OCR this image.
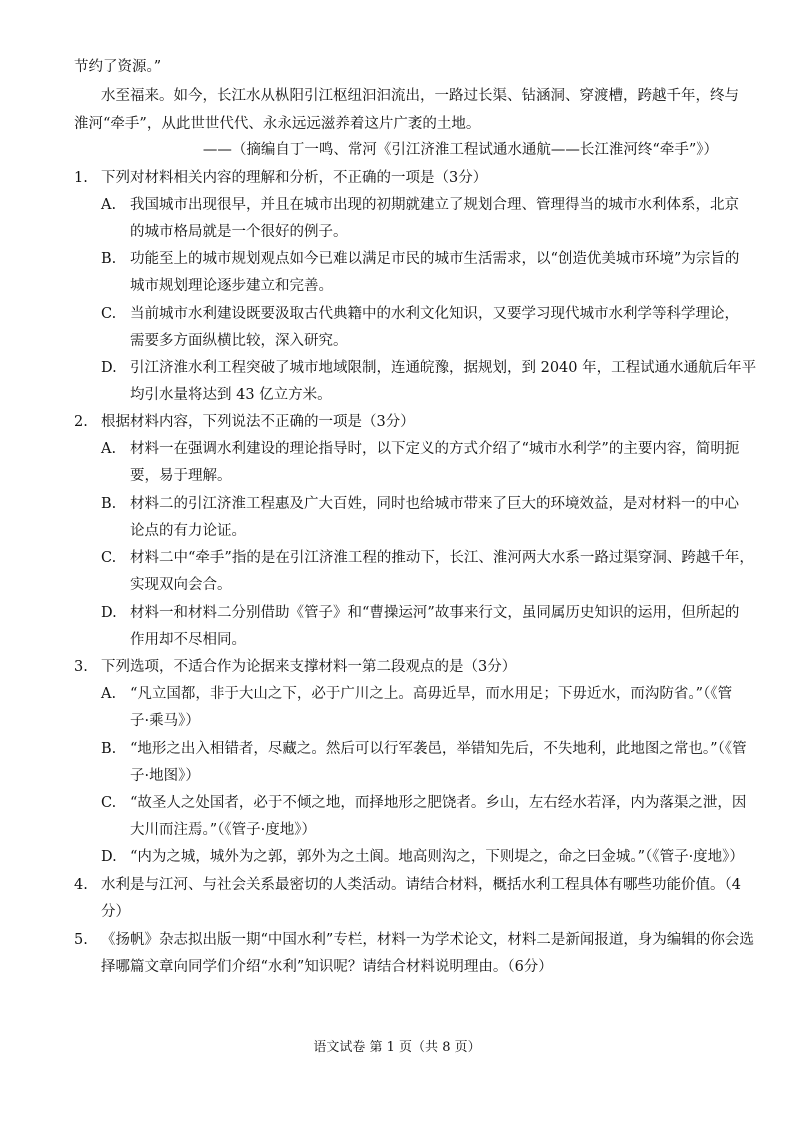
节约了资源。”
水至福来。如今，长江水从枞阳引江枢纽汩汩流出，一路过长渠、钻涵洞、穿渡槽，跨越千年，终与
淮河“牵手”，从此世世代代、永永远远滋养着这片广袤的土地。
——（摘编自丁一鸣、常河《引江济淮工程试通水通航——长江淮河终“牵手”》）
1. 下列对材料相关内容的理解和分析，不正确的一项是（3分）
A. 我国城市出现很早，并且在城市出现的初期就建立了规划合理、管理得当的城市水利体系，北京
的城市格局就是一个很好的例子。
B. 功能至上的城市规划观点如今已难以满足市民的城市生活需求，以“创造优美城市环境”为宗旨的
城市规划理论逐步建立和完善。
C. 当前城市水利建设既要汲取古代典籍中的水利文化知识，又要学习现代城市水利学等科学理论，
需要多方面纵横比较，深入研究。
D. 引江济淮水利工程突破了城市地域限制，连通皖豫，据规划，到 2040 年，工程试通水通航后年平
均引水量将达到 43 亿立方米。
2. 根据材料内容，下列说法不正确的一项是（3分）
A. 材料一在强调水利建设的理论指导时，以下定义的方式介绍了“城市水利学”的主要内容，简明扼
要，易于理解。
B. 材料二的引江济淮工程惠及广大百姓，同时也给城市带来了巨大的环境效益，是对材料一的中心
论点的有力论证。
C. 材料二中“牵手”指的是在引江济淮工程的推动下，长江、淮河两大水系一路过渠穿洞、跨越千年，
实现双向会合。
D. 材料一和材料二分别借助《管子》和“曹操运河”故事来行文，虽同属历史知识的运用，但所起的
作用却不尽相同。
3. 下列选项，不适合作为论据来支撑材料一第二段观点的是（3分）
A. “凡立国都，非于大山之下，必于广川之上。高毋近旱，而水用足；下毋近水，而沟防省。”（《管
子·乘马》）
B. “地形之出入相错者，尽藏之。然后可以行军袭邑，举错知先后，不失地利，此地图之常也。”（《管
子·地图》）
C. “故圣人之处国者，必于不倾之地，而择地形之肥饶者。乡山，左右经水若泽，内为落渠之泄，因
大川而注焉。”（《管子·度地》）
D. “内为之城，城外为之郭，郭外为之土阆。地高则沟之，下则堤之，命之曰金城。”（《管子·度地》）
4. 水利是与江河、与社会关系最密切的人类活动。请结合材料，概括水利工程具体有哪些功能价值。（4
分）
5. 《扬帆》杂志拟出版一期“中国水利”专栏，材料一为学术论文，材料二是新闻报道，身为编辑的你会选
择哪篇文章向同学们介绍“水利”知识呢？请结合材料说明理由。（6分）
语文试卷 第 1 页（共 8 页）
